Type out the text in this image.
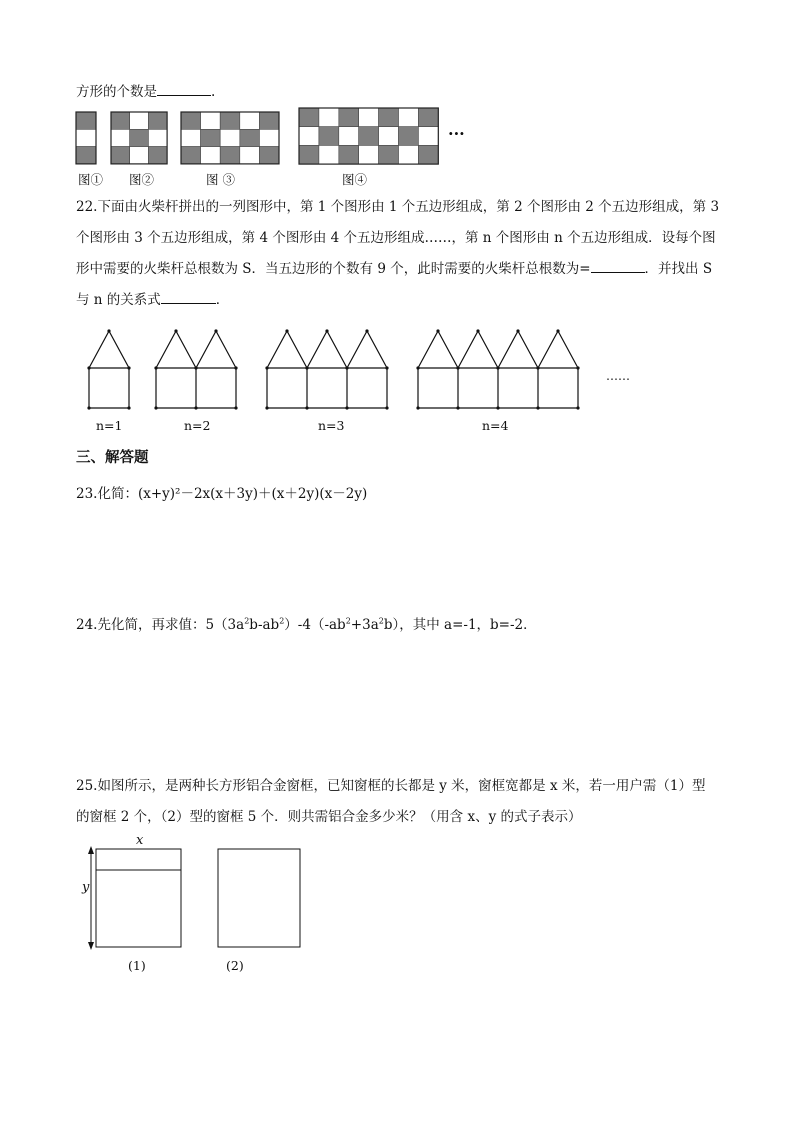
方形的个数是	.
···
图① 图②	图 ③	图④
22.下面由火柴杆拼出的一列图形中，第 1 个图形由 1 个五边形组成，第 2 个图形由 2 个五边形组成，第 3
个图形由 3 个五边形组成，第 4 个图形由 4 个五边形组成……，第 n 个图形由 n 个五边形组成．设每个图
形中需要的火柴杆总根数为 S．当五边形的个数有 9 个，此时需要的火柴杆总根数为=	．并找出 S
与 n 的关系式	．
……
n=1	n=2	n=3	n=4
三、解答题
23.化简：(x+y)²－2x(x＋3y)＋(x＋2y)(x－2y)
24.先化简，再求值：$5(3a^2b-ab^2)-4(-ab^2+3a^2b)$，其中 a=-1，b=-2．
25.如图所示，是两种长方形铝合金窗框，已知窗框的长都是 y 米，窗框宽都是 x 米，若一用户需（1）型
的窗框 2 个，（2）型的窗框 5 个．则共需铝合金多少米？（用含 x、y 的式子表示）
x
y
(1)	(2)
